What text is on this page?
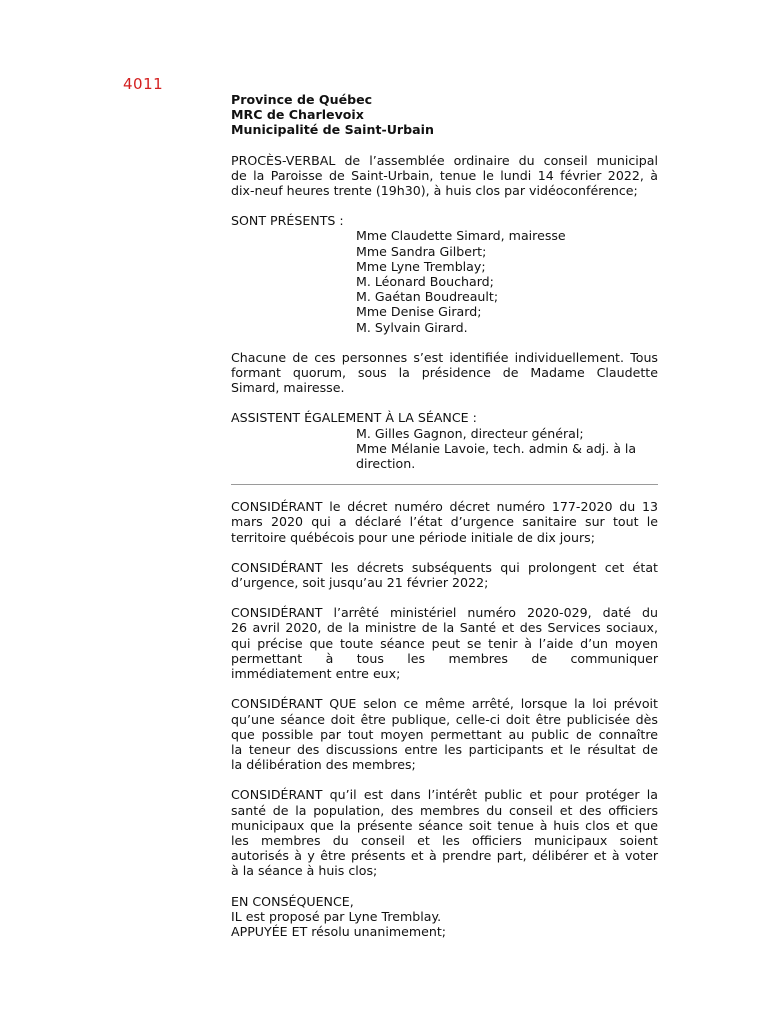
4011
Province de Québec
MRC de Charlevoix
Municipalité de Saint-Urbain
PROCÈS-VERBAL de l’assemblée ordinaire du conseil municipal
de la Paroisse de Saint-Urbain, tenue le lundi 14 février 2022, à
dix-neuf heures trente (19h30), à huis clos par vidéoconférence;
SONT PRÉSENTS :
Mme Claudette Simard, mairesse
Mme Sandra Gilbert;
Mme Lyne Tremblay;
M. Léonard Bouchard;
M. Gaétan Boudreault;
Mme Denise Girard;
M. Sylvain Girard.
Chacune de ces personnes s’est identifiée individuellement. Tous
formant quorum, sous la présidence de Madame Claudette
Simard, mairesse.
ASSISTENT ÉGALEMENT À LA SÉANCE :
M. Gilles Gagnon, directeur général;
Mme Mélanie Lavoie, tech. admin & adj. à la
direction.
CONSIDÉRANT le décret numéro décret numéro 177-2020 du 13
mars 2020 qui a déclaré l’état d’urgence sanitaire sur tout le
territoire québécois pour une période initiale de dix jours;
CONSIDÉRANT les décrets subséquents qui prolongent cet état
d’urgence, soit jusqu’au 21 février 2022;
CONSIDÉRANT l’arrêté ministériel numéro 2020-029, daté du
26 avril 2020, de la ministre de la Santé et des Services sociaux,
qui précise que toute séance peut se tenir à l’aide d’un moyen
permettant à tous les membres de communiquer
immédiatement entre eux;
CONSIDÉRANT QUE selon ce même arrêté, lorsque la loi prévoit
qu’une séance doit être publique, celle-ci doit être publicisée dès
que possible par tout moyen permettant au public de connaître
la teneur des discussions entre les participants et le résultat de
la délibération des membres;
CONSIDÉRANT qu’il est dans l’intérêt public et pour protéger la
santé de la population, des membres du conseil et des officiers
municipaux que la présente séance soit tenue à huis clos et que
les membres du conseil et les officiers municipaux soient
autorisés à y être présents et à prendre part, délibérer et à voter
à la séance à huis clos;
EN CONSÉQUENCE,
IL est proposé par Lyne Tremblay.
APPUYÉE ET résolu unanimement;
